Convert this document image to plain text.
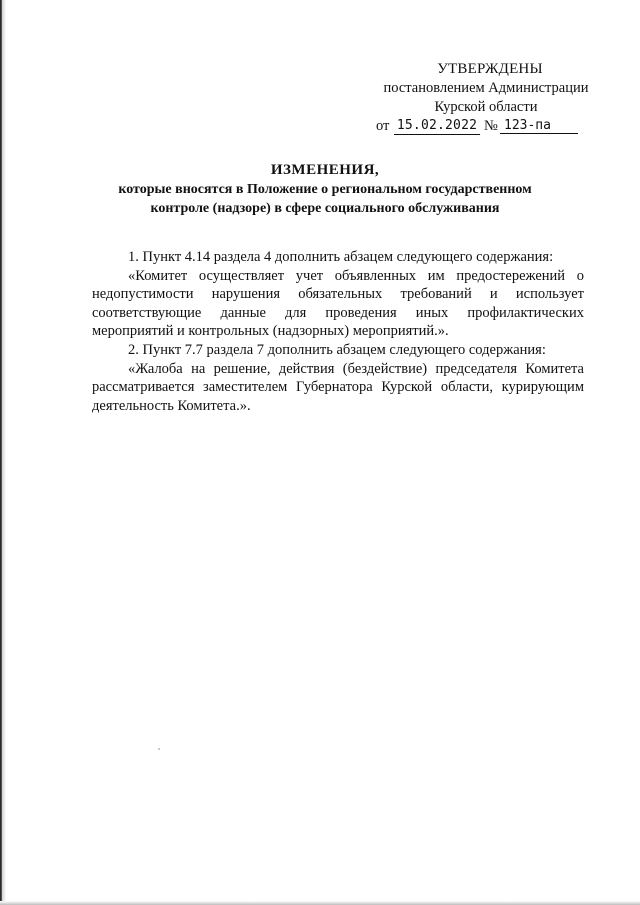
УТВЕРЖДЕНЫ
постановлением Администрации
Курской области
от 15.02.2022 № 123-па
ИЗМЕНЕНИЯ,
которые вносятся в Положение о региональном государственном
контроле (надзоре) в сфере социального обслуживания

1. Пункт 4.14 раздела 4 дополнить абзацем следующего содержания:

«Комитет осуществляет учет объявленных им предостережений о недопустимости нарушения обязательных требований и использует соответствующие данные для проведения иных профилактических мероприятий и контрольных (надзорных) мероприятий.».

2. Пункт 7.7 раздела 7 дополнить абзацем следующего содержания:

«Жалоба на решение, действия (бездействие) председателя Комитета рассматривается заместителем Губернатора Курской области, курирующим деятельность Комитета.».
